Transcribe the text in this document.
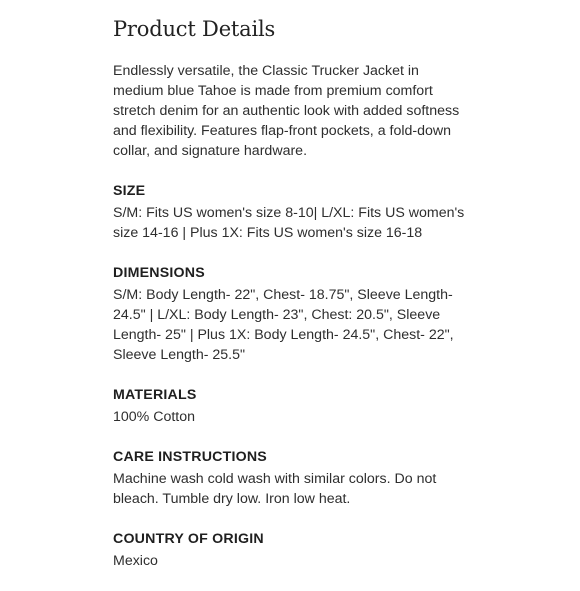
Product Details

Endlessly versatile, the Classic Trucker Jacket in medium blue Tahoe is made from premium comfort stretch denim for an authentic look with added softness and flexibility. Features flap-front pockets, a fold-down collar, and signature hardware.

SIZE

S/M: Fits US women's size 8-10| L/XL: Fits US women's size 14-16 | Plus 1X: Fits US women's size 16-18

DIMENSIONS

S/M: Body Length- 22", Chest- 18.75", Sleeve Length- 24.5" | L/XL: Body Length- 23", Chest: 20.5", Sleeve Length- 25" | Plus 1X: Body Length- 24.5", Chest- 22", Sleeve Length- 25.5"

MATERIALS

100% Cotton

CARE INSTRUCTIONS

Machine wash cold wash with similar colors. Do not bleach. Tumble dry low. Iron low heat.

COUNTRY OF ORIGIN

Mexico
